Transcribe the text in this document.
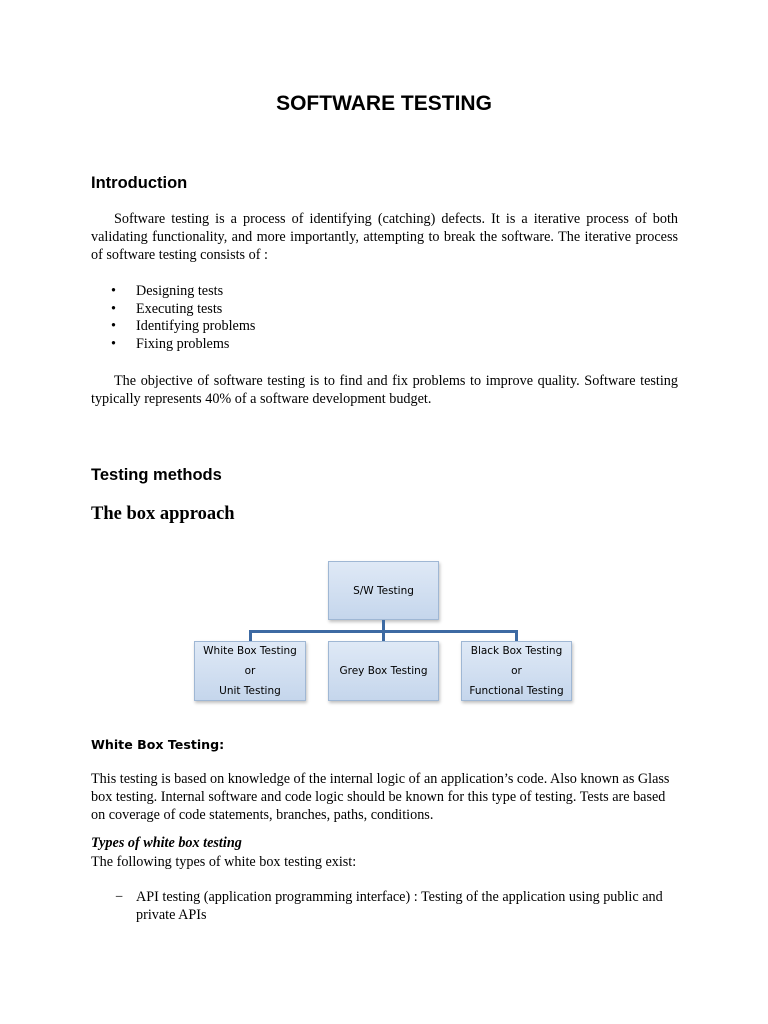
SOFTWARE TESTING
Introduction

Software testing is a process of identifying (catching) defects. It is a iterative process of both validating functionality, and more importantly, attempting to break the software. The iterative process of software testing consists of :

• Designing tests
• Executing tests
• Identifying problems
• Fixing problems

The objective of software testing is to find and fix problems to improve quality. Software testing typically represents 40% of a software development budget.

Testing methods
The box approach
S/W Testing
White Box Testing
or
Unit Testing
Grey Box Testing
Black Box Testing
or
Functional Testing
White Box Testing:

This testing is based on knowledge of the internal logic of an application’s code. Also known as Glass box testing. Internal software and code logic should be known for this type of testing. Tests are based on coverage of code statements, branches, paths, conditions.

Types of white box testing

The following types of white box testing exist:

− API testing (application programming interface) : Testing of the application using public and private APIs
